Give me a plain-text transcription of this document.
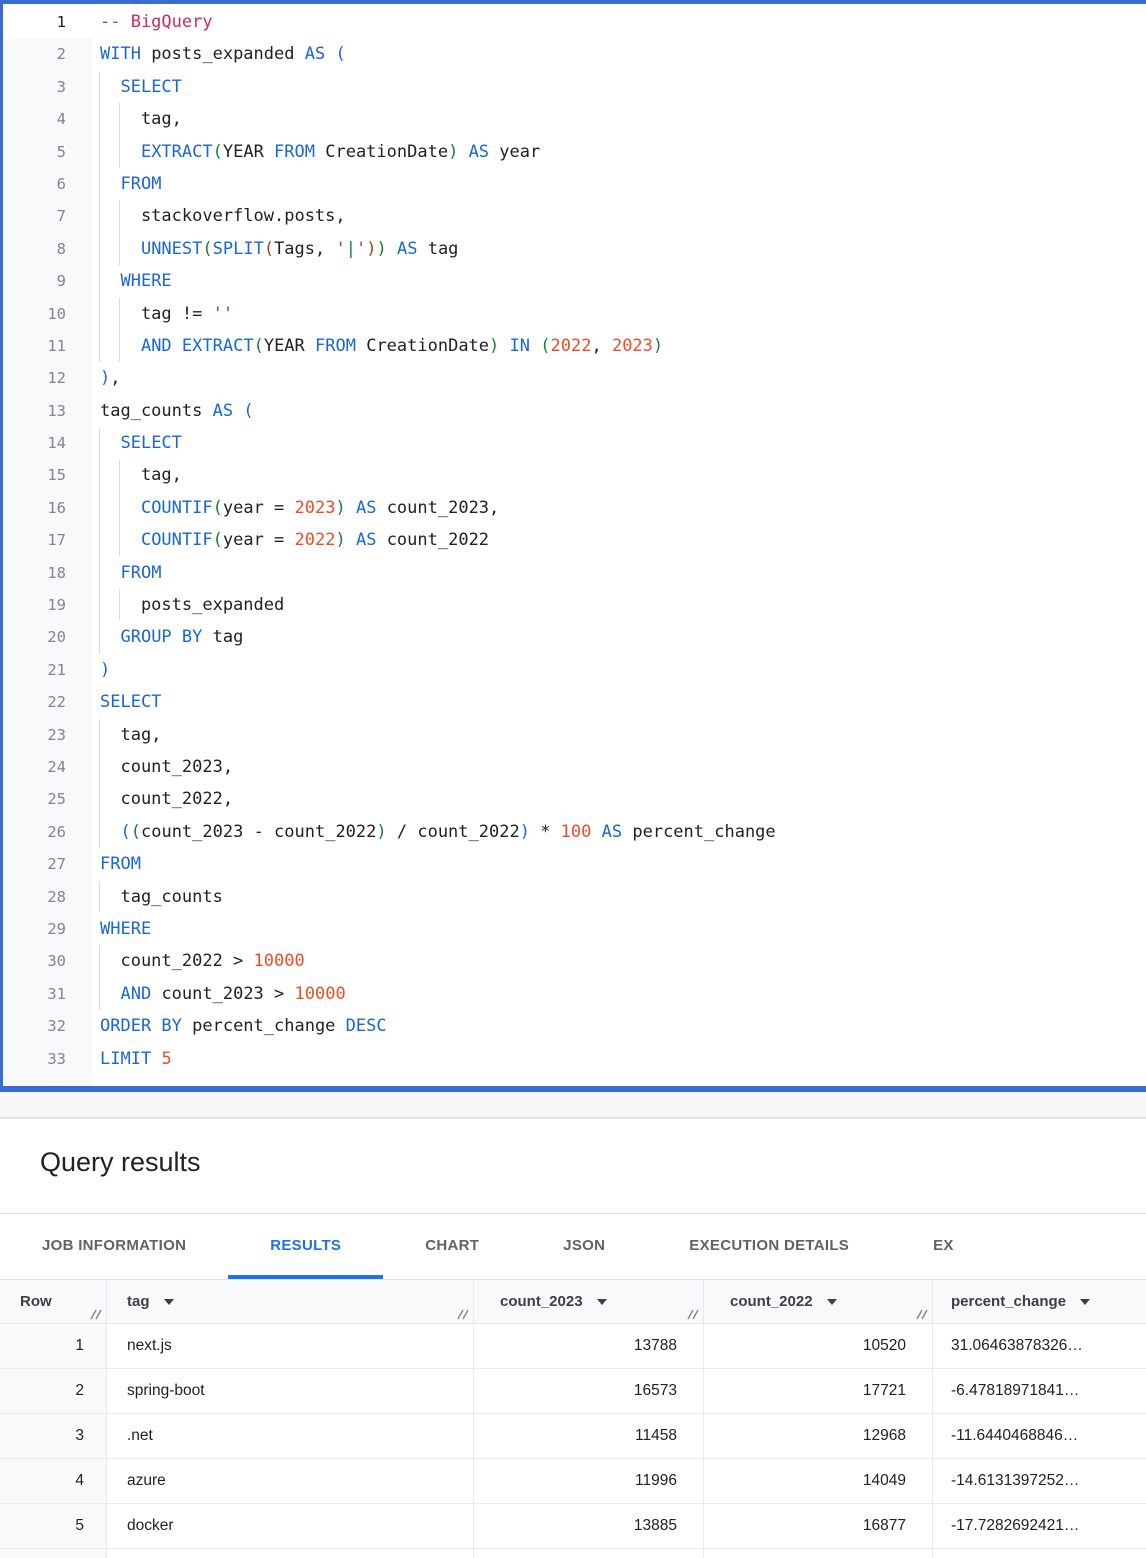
1	-- BigQuery
2	WITH posts_expanded AS (
3	SELECT
4	tag,
5	EXTRACT(YEAR FROM CreationDate) AS year
6	FROM
7	stackoverflow.posts,
8	UNNEST(SPLIT(Tags, '|')) AS tag
9	WHERE
10	tag != ''
11	AND EXTRACT(YEAR FROM CreationDate) IN (2022, 2023)
12	),
13	tag_counts AS (
14	SELECT
15	tag,
16	COUNTIF(year = 2023) AS count_2023,
17	COUNTIF(year = 2022) AS count_2022
18	FROM
19	posts_expanded
20	GROUP BY tag
21	)
22	SELECT
23	tag,
24	count_2023,
25	count_2022,
26	((count_2023 - count_2022) / count_2022) * 100 AS percent_change
27	FROM
28	tag_counts
29	WHERE
30	count_2022 > 10000
31	AND count_2023 > 10000
32	ORDER BY percent_change DESC
33	LIMIT 5
Query results
JOB INFORMATION	RESULTS	CHART	JSON	EXECUTION DETAILS	EX
Row	tag	count_2023	count_2022	percent_change
1	next.js	13788	10520	31.06463878326…
2	spring-boot	16573	17721	-6.47818971841…
3	.net	11458	12968	-11.6440468846…
4	azure	11996	14049	-14.6131397252…
5	docker	13885	16877	-17.7282692421…
